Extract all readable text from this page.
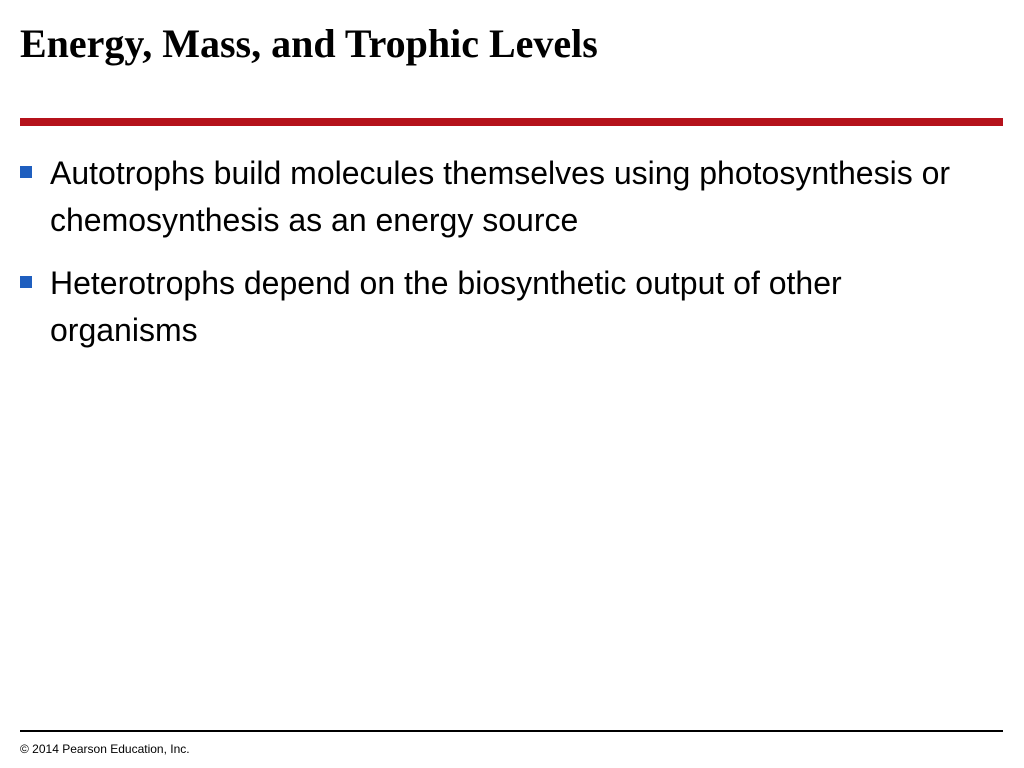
Energy, Mass, and Trophic Levels
Autotrophs build molecules themselves using photosynthesis or chemosynthesis as an energy source
Heterotrophs depend on the biosynthetic output of other organisms
© 2014 Pearson Education, Inc.
